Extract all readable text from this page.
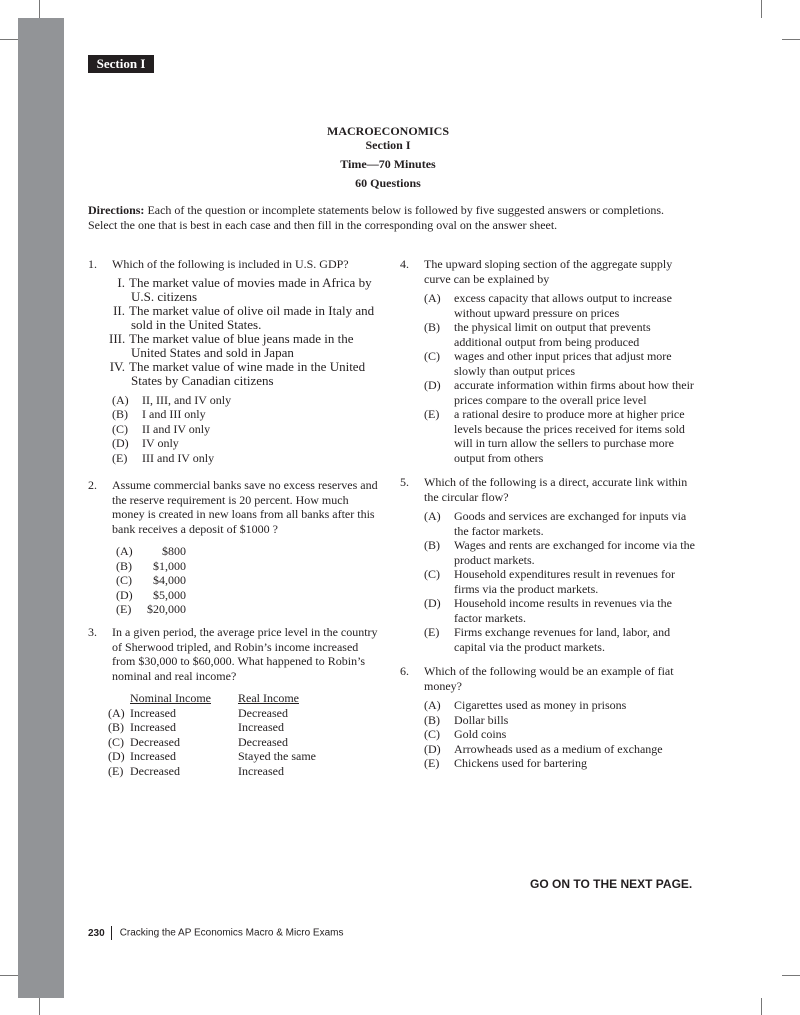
Section I
MACROECONOMICS
Section I
Time—70 Minutes
60 Questions
Directions: Each of the question or incomplete statements below is followed by five suggested answers or completions. Select the one that is best in each case and then fill in the corresponding oval on the answer sheet.
1. Which of the following is included in U.S. GDP?
I. The market value of movies made in Africa by U.S. citizens
II. The market value of olive oil made in Italy and sold in the United States.
III. The market value of blue jeans made in the United States and sold in Japan
IV. The market value of wine made in the United States by Canadian citizens
(A) II, III, and IV only
(B) I and III only
(C) II and IV only
(D) IV only
(E) III and IV only
2. Assume commercial banks save no excess reserves and the reserve requirement is 20 percent. How much money is created in new loans from all banks after this bank receives a deposit of $1000 ?
(A) $800
(B) $1,000
(C) $4,000
(D) $5,000
(E) $20,000
3. In a given period, the average price level in the country of Sherwood tripled, and Robin’s income increased from $30,000 to $60,000. What happened to Robin’s nominal and real income?
Nominal Income	Real Income
(A) Increased	Decreased
(B) Increased	Increased
(C) Decreased	Decreased
(D) Increased	Stayed the same
(E) Decreased	Increased
4. The upward sloping section of the aggregate supply curve can be explained by
(A) excess capacity that allows output to increase without upward pressure on prices
(B) the physical limit on output that prevents additional output from being produced
(C) wages and other input prices that adjust more slowly than output prices
(D) accurate information within firms about how their prices compare to the overall price level
(E) a rational desire to produce more at higher price levels because the prices received for items sold will in turn allow the sellers to purchase more output from others
5. Which of the following is a direct, accurate link within the circular flow?
(A) Goods and services are exchanged for inputs via the factor markets.
(B) Wages and rents are exchanged for income via the product markets.
(C) Household expenditures result in revenues for firms via the product markets.
(D) Household income results in revenues via the factor markets.
(E) Firms exchange revenues for land, labor, and capital via the product markets.
6. Which of the following would be an example of fiat money?
(A) Cigarettes used as money in prisons
(B) Dollar bills
(C) Gold coins
(D) Arrowheads used as a medium of exchange
(E) Chickens used for bartering
GO ON TO THE NEXT PAGE.
230 Cracking the AP Economics Macro & Micro Exams
